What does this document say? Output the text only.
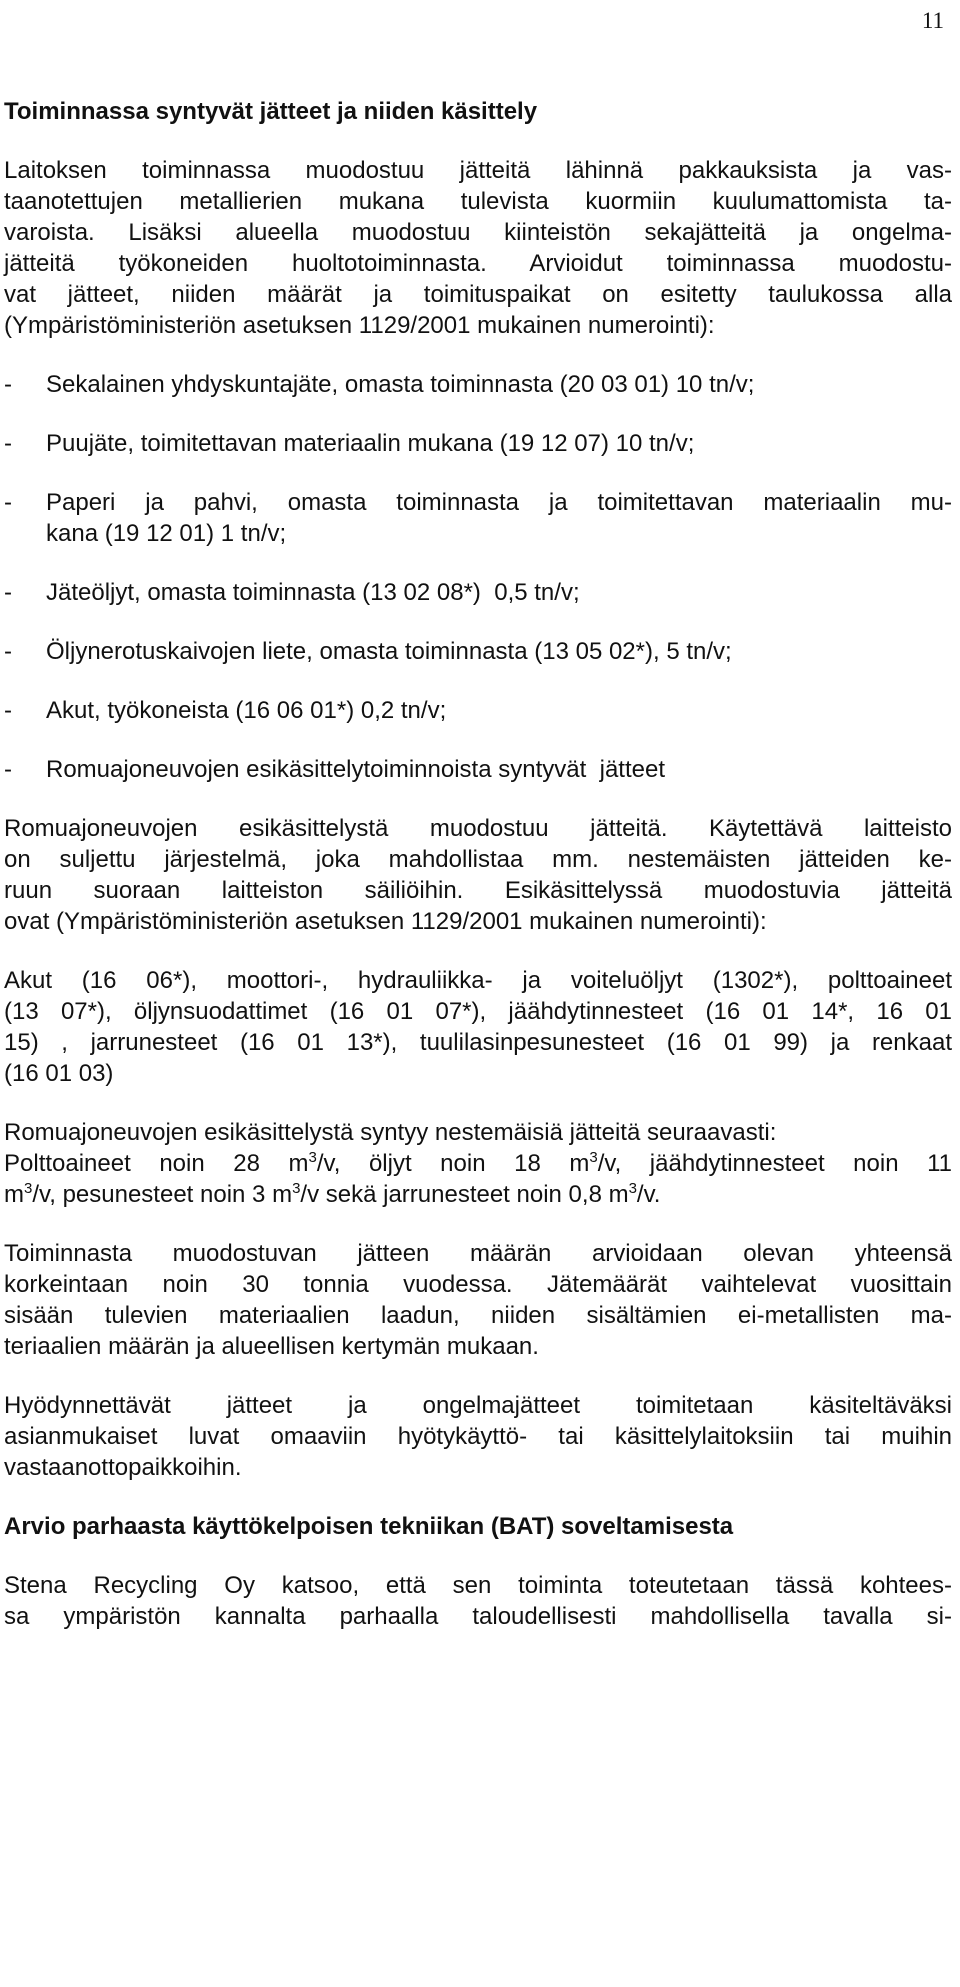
11
Toiminnassa syntyvät jätteet ja niiden käsittely
Laitoksen toiminnassa muodostuu jätteitä lähinnä pakkauksista ja vas-
taanotettujen metallierien mukana tulevista kuormiin kuulumattomista ta-
varoista. Lisäksi alueella muodostuu kiinteistön sekajätteitä ja ongelma-
jätteitä työkoneiden huoltotoiminnasta. Arvioidut toiminnassa muodostu-
vat jätteet, niiden määrät ja toimituspaikat on esitetty taulukossa alla
(Ympäristöministeriön asetuksen 1129/2001 mukainen numerointi):
-	Sekalainen yhdyskuntajäte, omasta toiminnasta (20 03 01) 10 tn/v;
-	Puujäte, toimitettavan materiaalin mukana (19 12 07) 10 tn/v;
-	Paperi ja pahvi, omasta toiminnasta ja toimitettavan materiaalin mu-
kana (19 12 01) 1 tn/v;
-	Jäteöljyt, omasta toiminnasta (13 02 08*)  0,5 tn/v;
-	Öljynerotuskaivojen liete, omasta toiminnasta (13 05 02*), 5 tn/v;
-	Akut, työkoneista (16 06 01*) 0,2 tn/v;
-	Romuajoneuvojen esikäsittelytoiminnoista syntyvät  jätteet
Romuajoneuvojen esikäsittelystä muodostuu jätteitä. Käytettävä laitteisto
on suljettu järjestelmä, joka mahdollistaa mm. nestemäisten jätteiden ke-
ruun suoraan laitteiston säiliöihin. Esikäsittelyssä muodostuvia jätteitä
ovat (Ympäristöministeriön asetuksen 1129/2001 mukainen numerointi):
Akut (16 06*), moottori-, hydrauliikka- ja voiteluöljyt (1302*), polttoaineet
(13 07*), öljynsuodattimet (16 01 07*), jäähdytinnesteet (16 01 14*, 16 01
15) , jarrunesteet (16 01 13*), tuulilasinpesunesteet (16 01 99) ja renkaat
(16 01 03)
Romuajoneuvojen esikäsittelystä syntyy nestemäisiä jätteitä seuraavasti:
Polttoaineet noin 28 $m^3/v$, öljyt noin 18 $m^3/v$, jäähdytinnesteet noin 11
$m^3/v$, pesunesteet noin 3 $m^3/v$ sekä jarrunesteet noin 0,8 $m^3/v$.
Toiminnasta muodostuvan jätteen määrän arvioidaan olevan yhteensä
korkeintaan noin 30 tonnia vuodessa. Jätemäärät vaihtelevat vuosittain
sisään tulevien materiaalien laadun, niiden sisältämien ei-metallisten ma-
teriaalien määrän ja alueellisen kertymän mukaan.
Hyödynnettävät jätteet ja ongelmajätteet toimitetaan käsiteltäväksi
asianmukaiset luvat omaaviin hyötykäyttö- tai käsittelylaitoksiin tai muihin
vastaanottopaikkoihin.
Arvio parhaasta käyttökelpoisen tekniikan (BAT) soveltamisesta
Stena Recycling Oy katsoo, että sen toiminta toteutetaan tässä kohtees-
sa ympäristön kannalta parhaalla taloudellisesti mahdollisella tavalla si-
